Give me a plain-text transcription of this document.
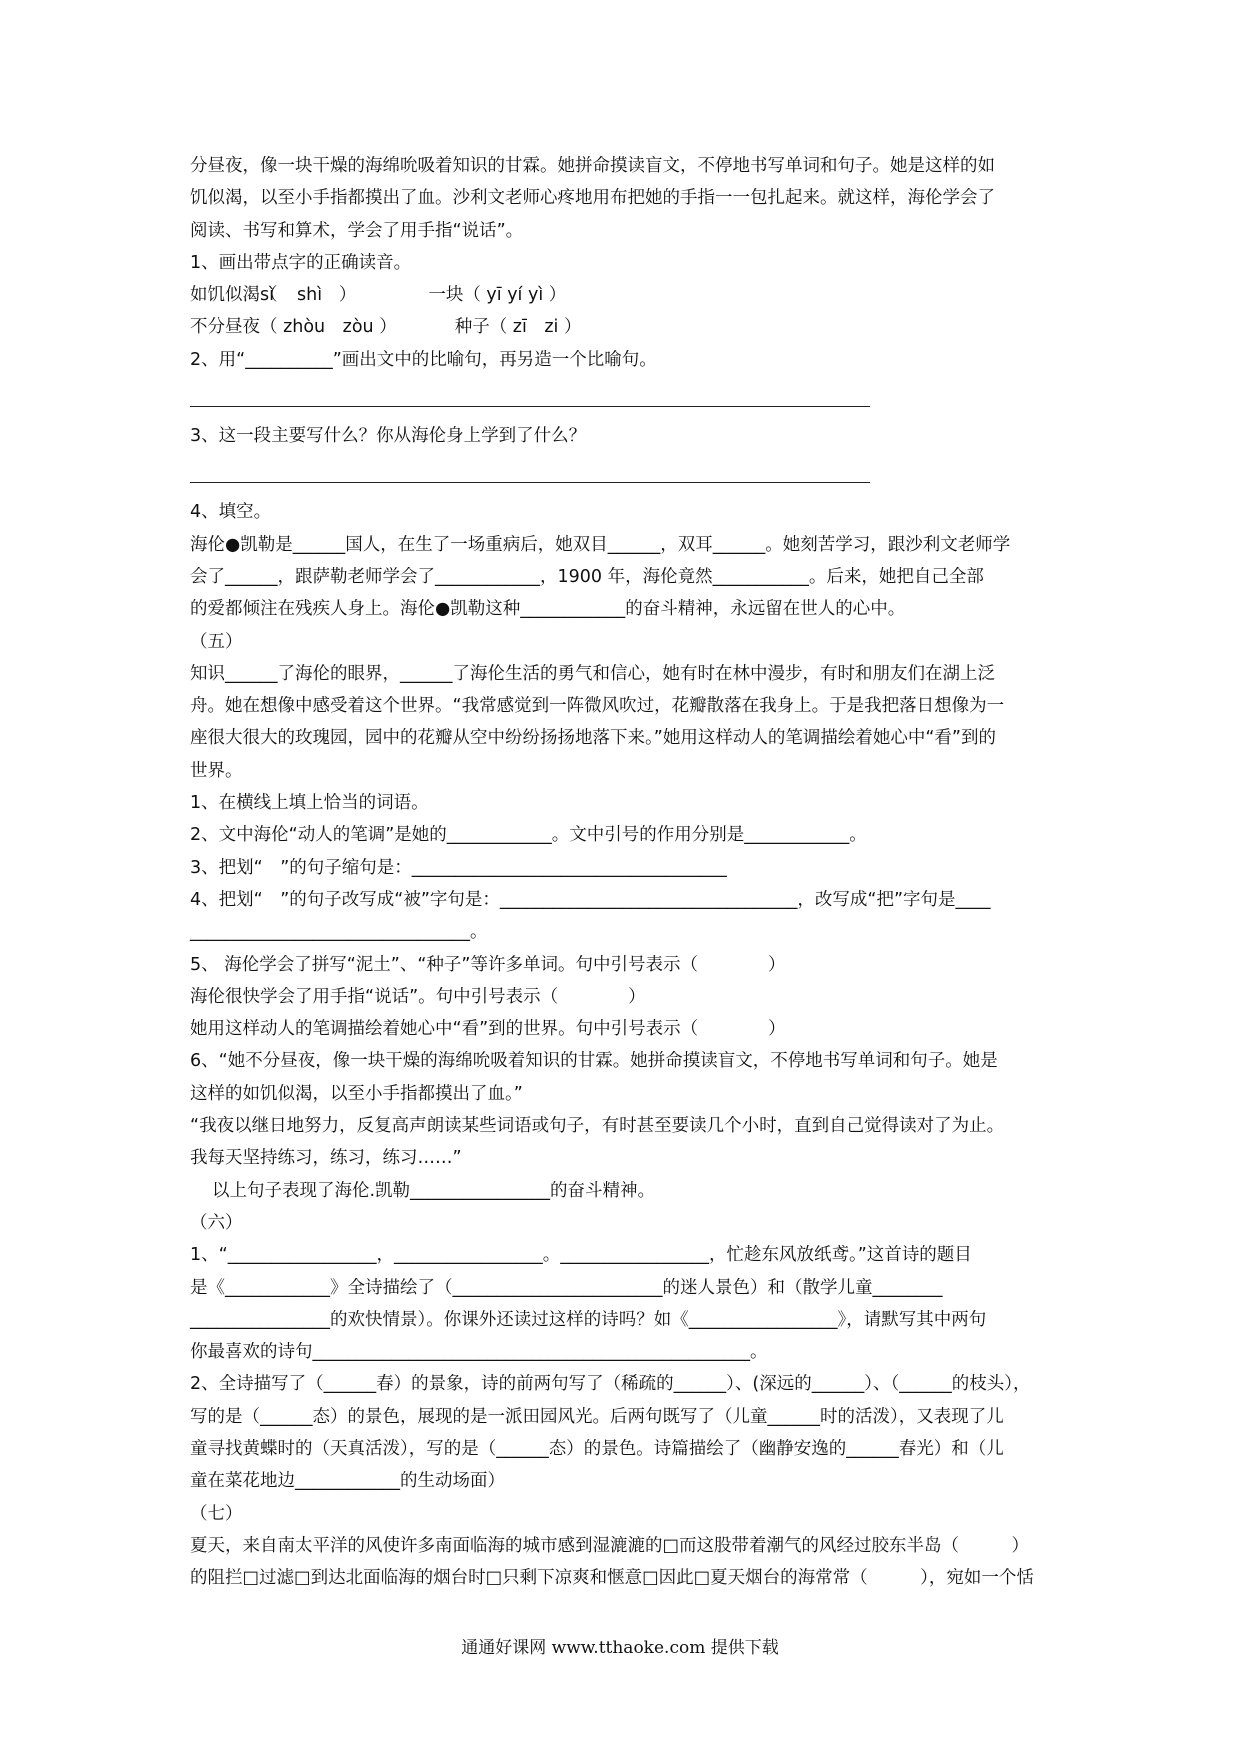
分昼夜，像一块干燥的海绵吮吸着知识的甘霖。她拼命摸读盲文，不停地书写单词和句子。她是这样的如
饥似渴，以至小手指都摸出了血。沙利文老师心疼地用布把她的手指一一包扎起来。就这样，海伦学会了
阅读、书写和算术，学会了用手指“说话”。
1、画出带点字的正确读音。
如饥似渴（sì　 shì ）	一块（ yī yí yì ）
不分昼夜（ zhòu　zòu ）	种子（ zī　zi ）
2、用“__________”画出文中的比喻句，再另造一个比喻句。
3、这一段主要写什么？你从海伦身上学到了什么？
4、填空。
海伦●凯勒是______国人，在生了一场重病后，她双目______，双耳______。她刻苦学习，跟沙利文老师学
会了______，跟萨勒老师学会了____________，1900 年，海伦竟然___________。后来，她把自己全部
的爱都倾注在残疾人身上。海伦●凯勒这种____________的奋斗精神，永远留在世人的心中。
（五）
知识______了海伦的眼界，______了海伦生活的勇气和信心，她有时在林中漫步，有时和朋友们在湖上泛
舟。她在想像中感受着这个世界。“我常感觉到一阵微风吹过，花瓣散落在我身上。于是我把落日想像为一
座很大很大的玫瑰园，园中的花瓣从空中纷纷扬扬地落下来。”她用这样动人的笔调描绘着她心中“看”到的
世界。
1、在横线上填上恰当的词语。
2、文中海伦“动人的笔调”是她的____________。文中引号的作用分别是____________。
3、把划“　”的句子缩句是：____________________________________
4、把划“　”的句子改写成“被”字句是：__________________________________，改写成“把”字句是____
________________________________。
5、 海伦学会了拼写“泥土”、“种子”等许多单词。句中引号表示（　　　　）
海伦很快学会了用手指“说话”。句中引号表示（　　　　）
她用这样动人的笔调描绘着她心中“看”到的世界。句中引号表示（　　　　）
6、“她不分昼夜，像一块干燥的海绵吮吸着知识的甘霖。她拼命摸读盲文，不停地书写单词和句子。她是
这样的如饥似渴，以至小手指都摸出了血。”
“我夜以继日地努力，反复高声朗读某些词语或句子，有时甚至要读几个小时，直到自己觉得读对了为止。
我每天坚持练习，练习，练习……”
以上句子表现了海伦.凯勒________________的奋斗精神。
（六）
1、“_________________，_________________。_________________，忙趁东风放纸鸢。”这首诗的题目
是《____________》全诗描绘了（________________________的迷人景色）和（散学儿童________
________________的欢快情景）。你课外还读过这样的诗吗？如《_________________》，请默写其中两句
你最喜欢的诗句__________________________________________________。
2、全诗描写了（______春）的景象，诗的前两句写了（稀疏的______）、(深远的______）、（______的枝头），
写的是（______态）的景色，展现的是一派田园风光。后两句既写了（儿童______时的活泼），又表现了儿
童寻找黄蝶时的（天真活泼），写的是（______态）的景色。诗篇描绘了（幽静安逸的______春光）和（儿
童在菜花地边____________的生动场面）
（七）
夏天，来自南太平洋的风使许多南面临海的城市感到湿漉漉的□而这股带着潮气的风经过胶东半岛（　　　）
的阻拦□过滤□到达北面临海的烟台时□只剩下凉爽和惬意□因此□夏天烟台的海常常（　　　），宛如一个恬
通通好课网 www.tthaoke.com 提供下载
